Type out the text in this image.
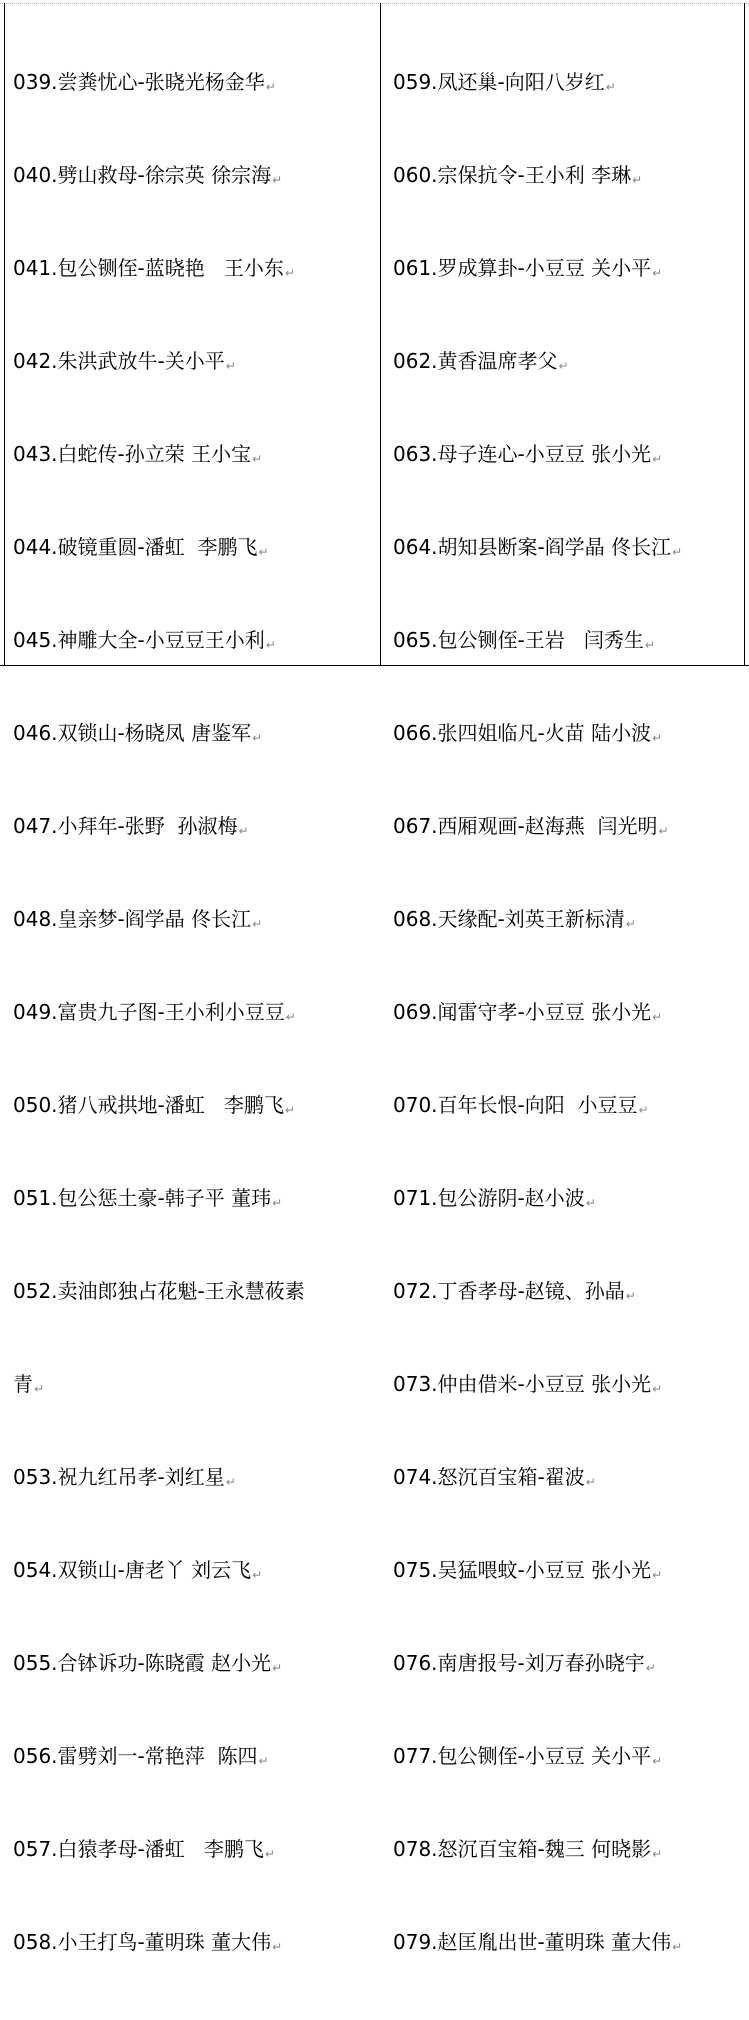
039.尝粪忧心-张晓光杨金华↵

040.劈山救母-徐宗英 徐宗海↵

041.包公铡侄-蓝晓艳   王小东↵

042.朱洪武放牛-关小平↵

043.白蛇传-孙立荣 王小宝↵

044.破镜重圆-潘虹  李鹏飞↵

045.神雕大全-小豆豆王小利↵

046.双锁山-杨晓凤 唐鉴军↵

047.小拜年-张野  孙淑梅↵

048.皇亲梦-阎学晶 佟长江↵

049.富贵九子图-王小利小豆豆↵

050.猪八戒拱地-潘虹   李鹏飞↵

051.包公惩土豪-韩子平 董玮↵

052.卖油郎独占花魁-王永慧莜素

青↵

053.祝九红吊孝-刘红星↵

054.双锁山-唐老丫 刘云飞↵

055.合钵诉功-陈晓霞 赵小光↵

056.雷劈刘一-常艳萍  陈四↵

057.白猿孝母-潘虹   李鹏飞↵

058.小王打鸟-董明珠 董大伟↵

059.凤还巢-向阳八岁红↵

060.宗保抗令-王小利 李琳↵

061.罗成算卦-小豆豆 关小平↵

062.黄香温席孝父↵

063.母子连心-小豆豆 张小光↵

064.胡知县断案-阎学晶 佟长江↵

065.包公铡侄-王岩   闫秀生↵

066.张四姐临凡-火苗 陆小波↵

067.西厢观画-赵海燕  闫光明↵

068.天缘配-刘英王新标清↵

069.闻雷守孝-小豆豆 张小光↵

070.百年长恨-向阳  小豆豆↵

071.包公游阴-赵小波↵

072.丁香孝母-赵镜、孙晶↵

073.仲由借米-小豆豆 张小光↵

074.怒沉百宝箱-翟波↵

075.吴猛喂蚊-小豆豆 张小光↵

076.南唐报号-刘万春孙晓宇↵

077.包公铡侄-小豆豆 关小平↵

078.怒沉百宝箱-魏三 何晓影↵

079.赵匡胤出世-董明珠 董大伟↵
